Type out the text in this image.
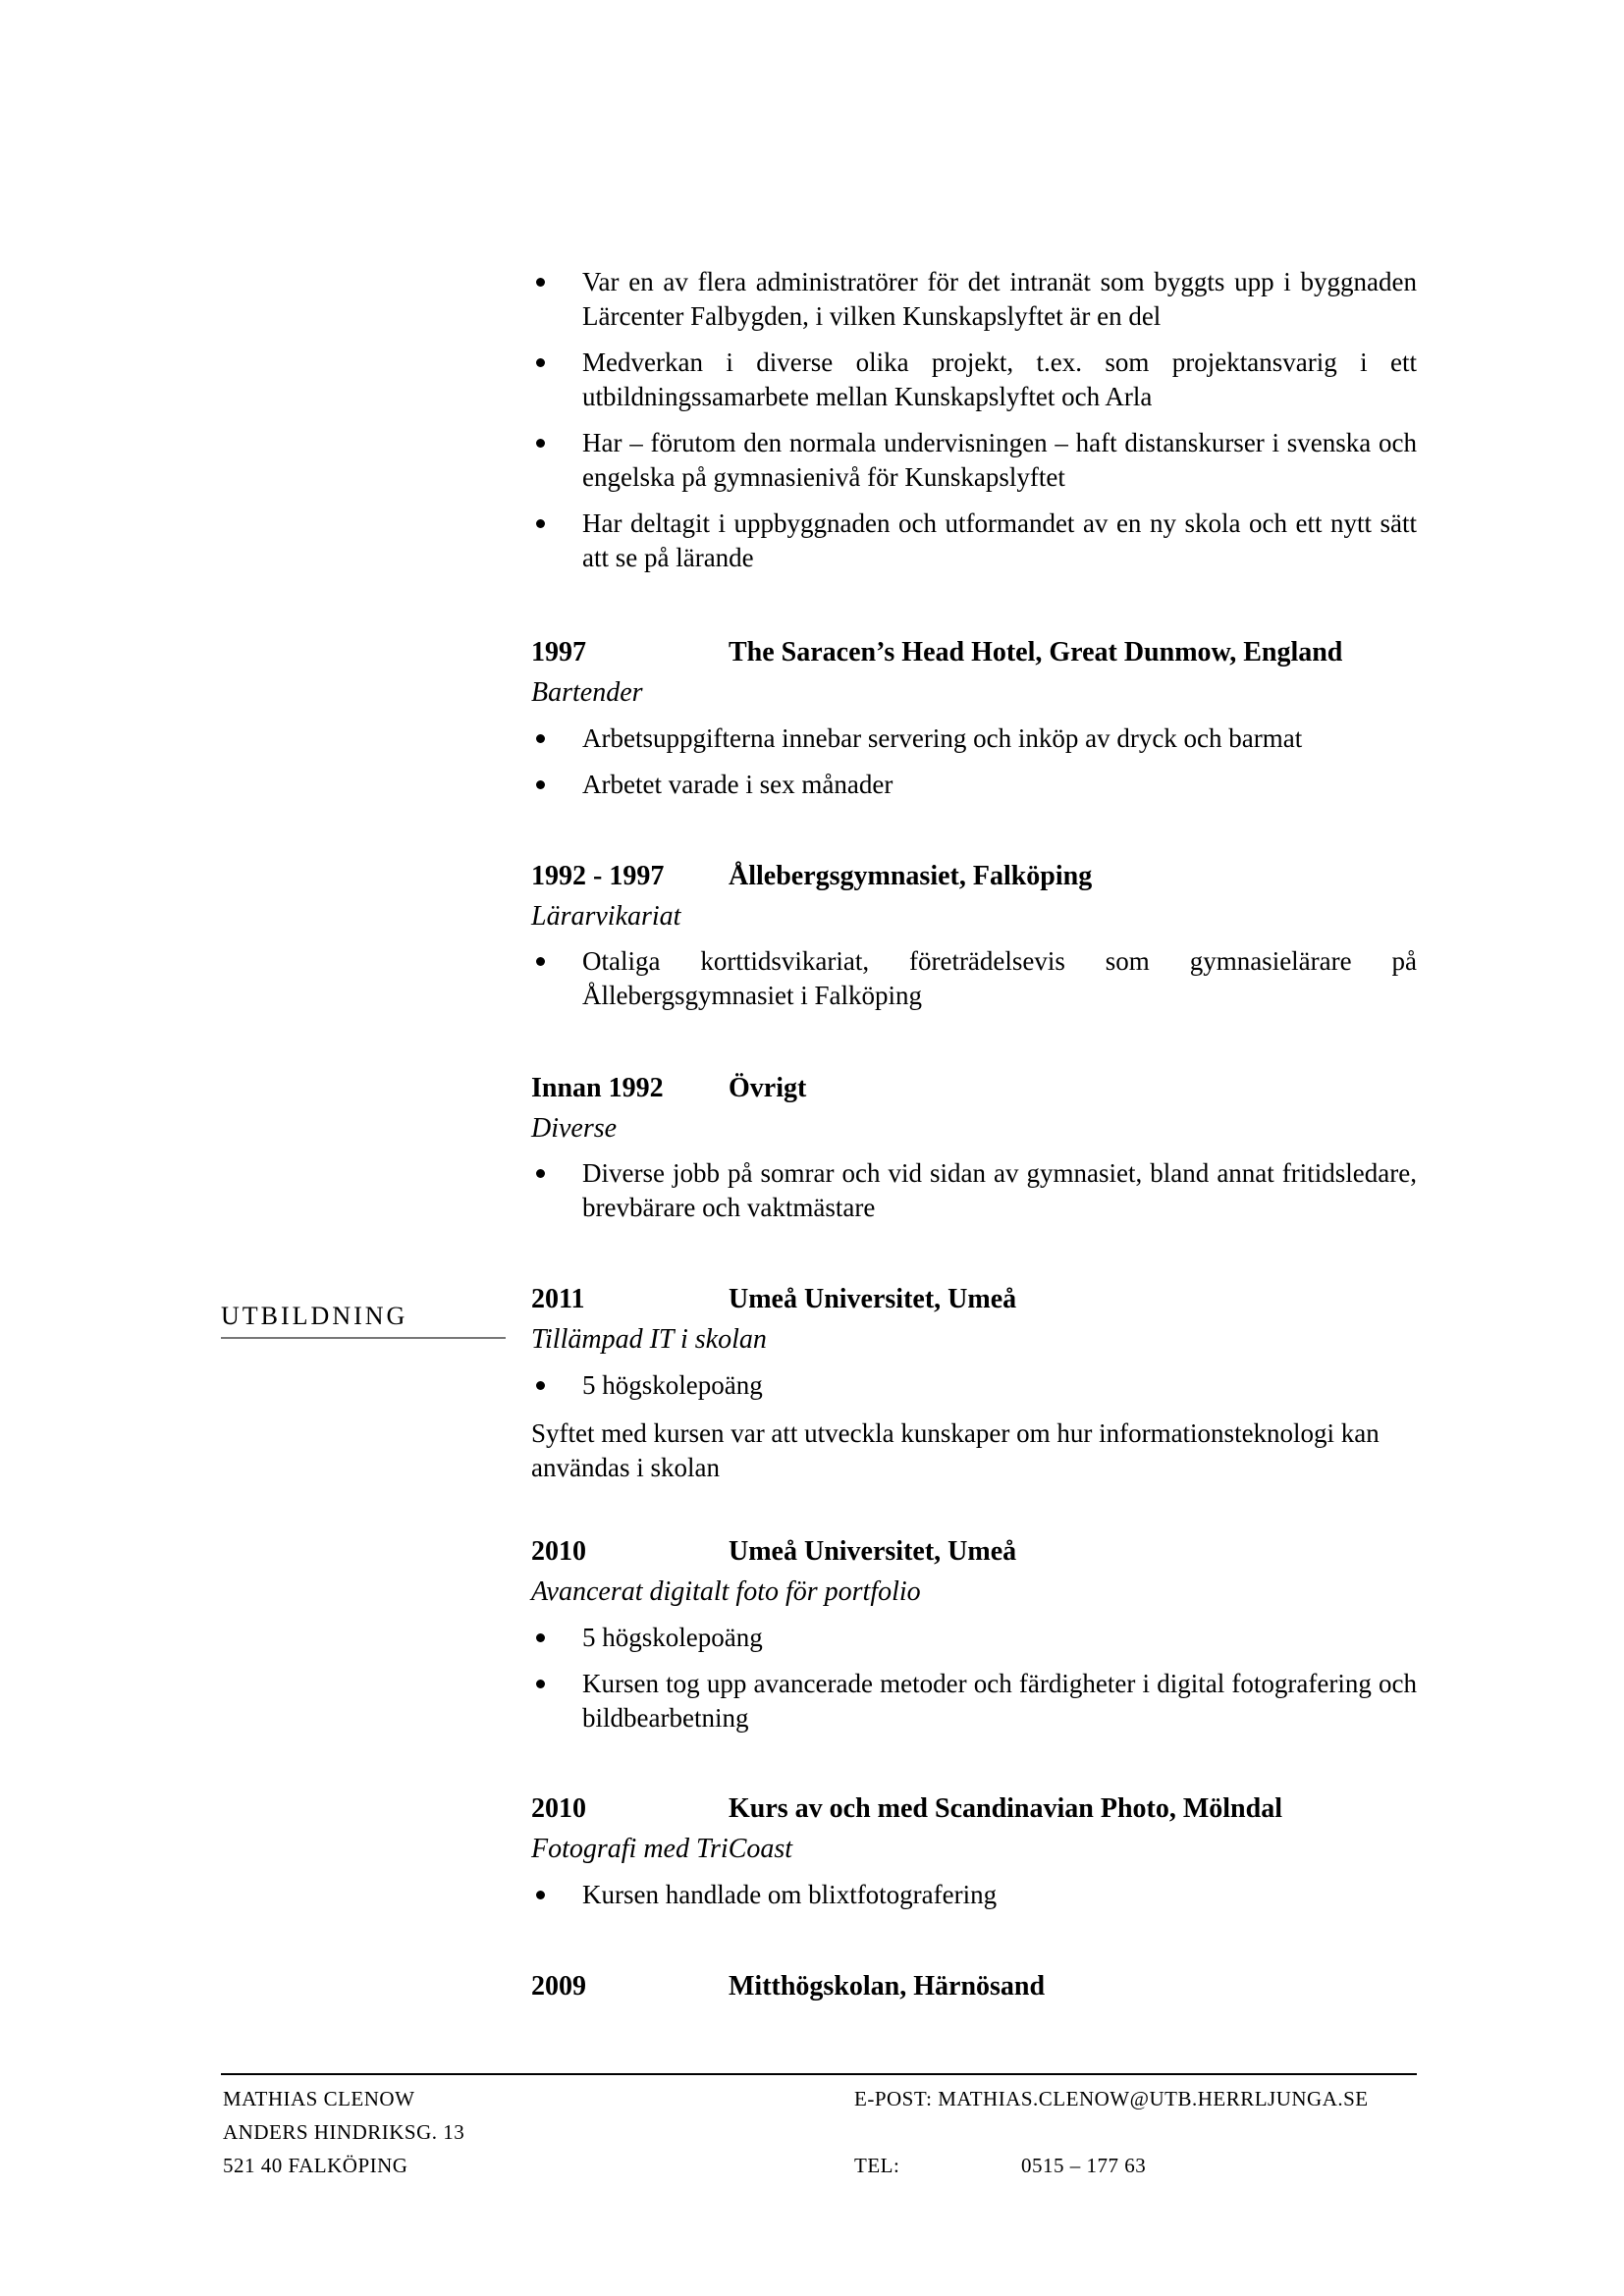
Var en av flera administratörer för det intranät som byggts upp i byggnaden Lärcenter Falbygden, i vilken Kunskapslyftet är en del
Medverkan i diverse olika projekt, t.ex. som projektansvarig i ett utbildningssamarbete mellan Kunskapslyftet och Arla
Har – förutom den normala undervisningen – haft distanskurser i svenska och engelska på gymnasienivå för Kunskapslyftet
Har deltagit i uppbyggnaden och utformandet av en ny skola och ett nytt sätt att se på lärande
1997	The Saracen’s Head Hotel, Great Dunmow, England
Bartender
Arbetsuppgifterna innebar servering och inköp av dryck och barmat
Arbetet varade i sex månader
1992 - 1997 Ållebergsgymnasiet, Falköping
Lärarvikariat
Otaliga korttidsvikariat, företrädelsevis som gymnasielärare på Ållebergsgymnasiet i Falköping
Innan 1992 Övrigt
Diverse
Diverse jobb på somrar och vid sidan av gymnasiet, bland annat fritidsledare, brevbärare och vaktmästare
UTBILDNING
2011	Umeå Universitet, Umeå
Tillämpad IT i skolan
5 högskolepoäng
Syftet med kursen var att utveckla kunskaper om hur informationsteknologi kan användas i skolan
2010	Umeå Universitet, Umeå
Avancerat digitalt foto för portfolio
5 högskolepoäng
Kursen tog upp avancerade metoder och färdigheter i digital fotografering och bildbearbetning
2010	Kurs av och med Scandinavian Photo, Mölndal
Fotografi med TriCoast
Kursen handlade om blixtfotografering
2009	Mitthögskolan, Härnösand
MATHIAS CLENOW
ANDERS HINDRIKSG. 13
521 40 FALKÖPING
E-POST: MATHIAS.CLENOW@UTB.HERRLJUNGA.SE
TEL:	0515 – 177 63
